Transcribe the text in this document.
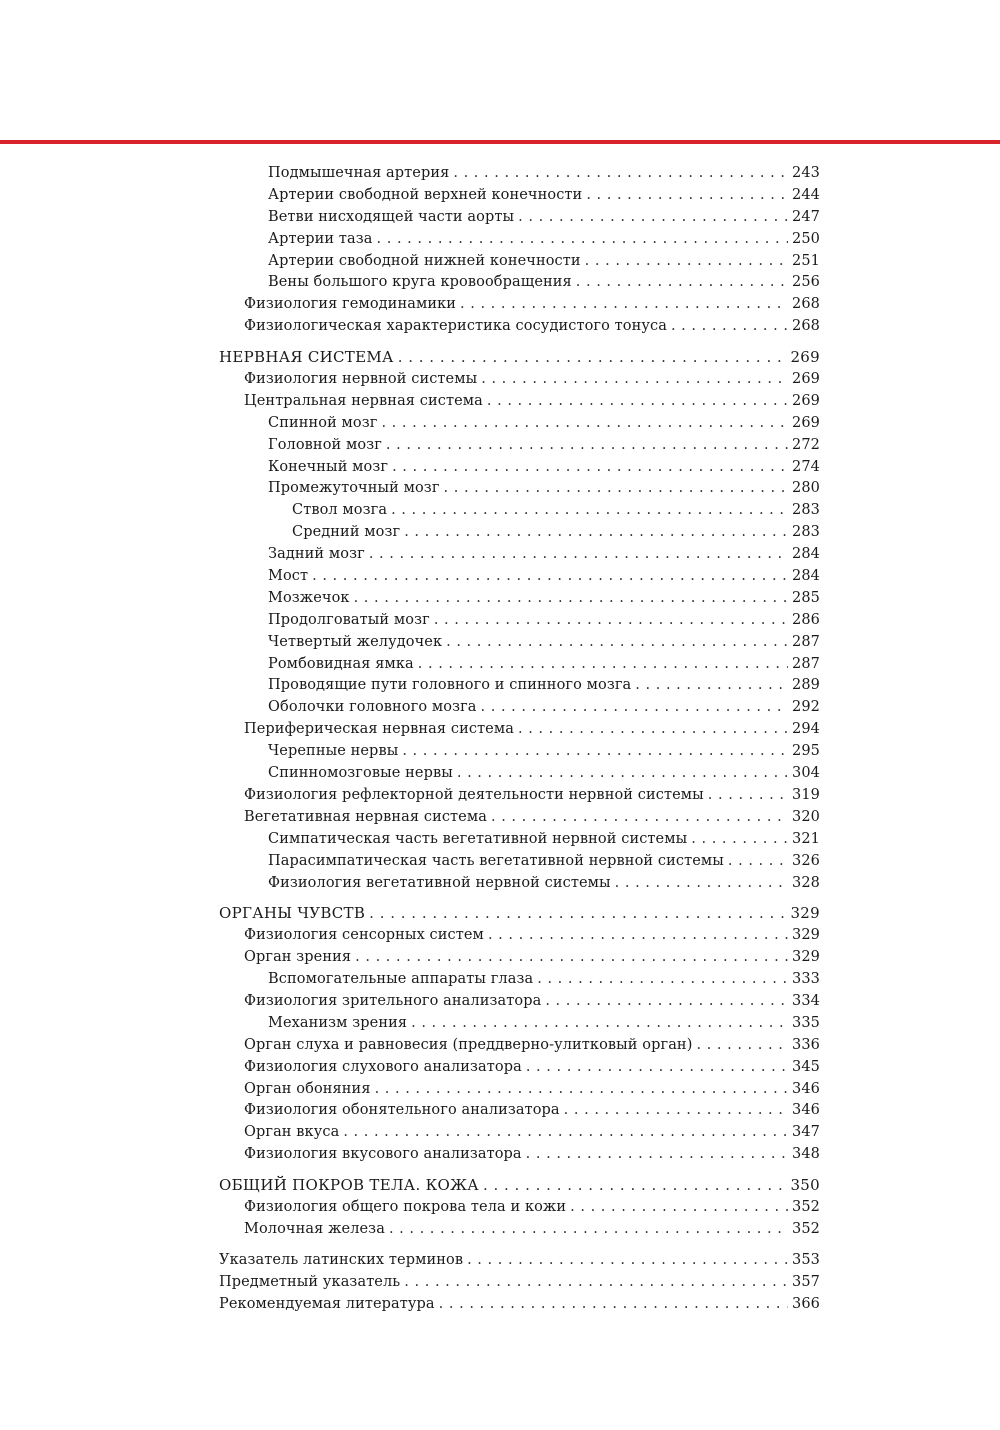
Подмышечная артерия . . .	243
Артерии свободной верхней конечности . . .	244
Ветви нисходящей части аорты . . .	247
Артерии таза . . .	250
Артерии свободной нижней конечности . . .	251
Вены большого круга кровообращения . . .	256
Физиология гемодинамики . . .	268
Физиологическая характеристика сосудистого тонуса . . .	268
НЕРВНАЯ СИСТЕМА . . .	269
Физиология нервной системы . . .	269
Центральная нервная система . . .	269
Спинной мозг . . .	269
Головной мозг . . .	272
Конечный мозг . . .	274
Промежуточный мозг . . .	280
Ствол мозга . . .	283
Средний мозг . . .	283
Задний мозг . . .	284
Мост . . .	284
Мозжечок . . .	285
Продолговатый мозг . . .	286
Четвертый желудочек . . .	287
Ромбовидная ямка . . .	287
Проводящие пути головного и спинного мозга . . .	289
Оболочки головного мозга . . .	292
Периферическая нервная система . . .	294
Черепные нервы . . .	295
Спинномозговые нервы . . .	304
Физиология рефлекторной деятельности нервной системы . . .	319
Вегетативная нервная система . . .	320
Симпатическая часть вегетативной нервной системы . . .	321
Парасимпатическая часть вегетативной нервной системы . . .	326
Физиология вегетативной нервной системы . . .	328
ОРГАНЫ ЧУВСТВ . . .	329
Физиология сенсорных систем . . .	329
Орган зрения . . .	329
Вспомогательные аппараты глаза . . .	333
Физиология зрительного анализатора . . .	334
Механизм зрения . . .	335
Орган слуха и равновесия (преддверно-улитковый орган) . . .	336
Физиология слухового анализатора . . .	345
Орган обоняния . . .	346
Физиология обонятельного анализатора . . .	346
Орган вкуса . . .	347
Физиология вкусового анализатора . . .	348
ОБЩИЙ ПОКРОВ ТЕЛА. КОЖА . . .	350
Физиология общего покрова тела и кожи . . .	352
Молочная железа . . .	352
Указатель латинских терминов . . .	353
Предметный указатель . . .	357
Рекомендуемая литература . . .	366
